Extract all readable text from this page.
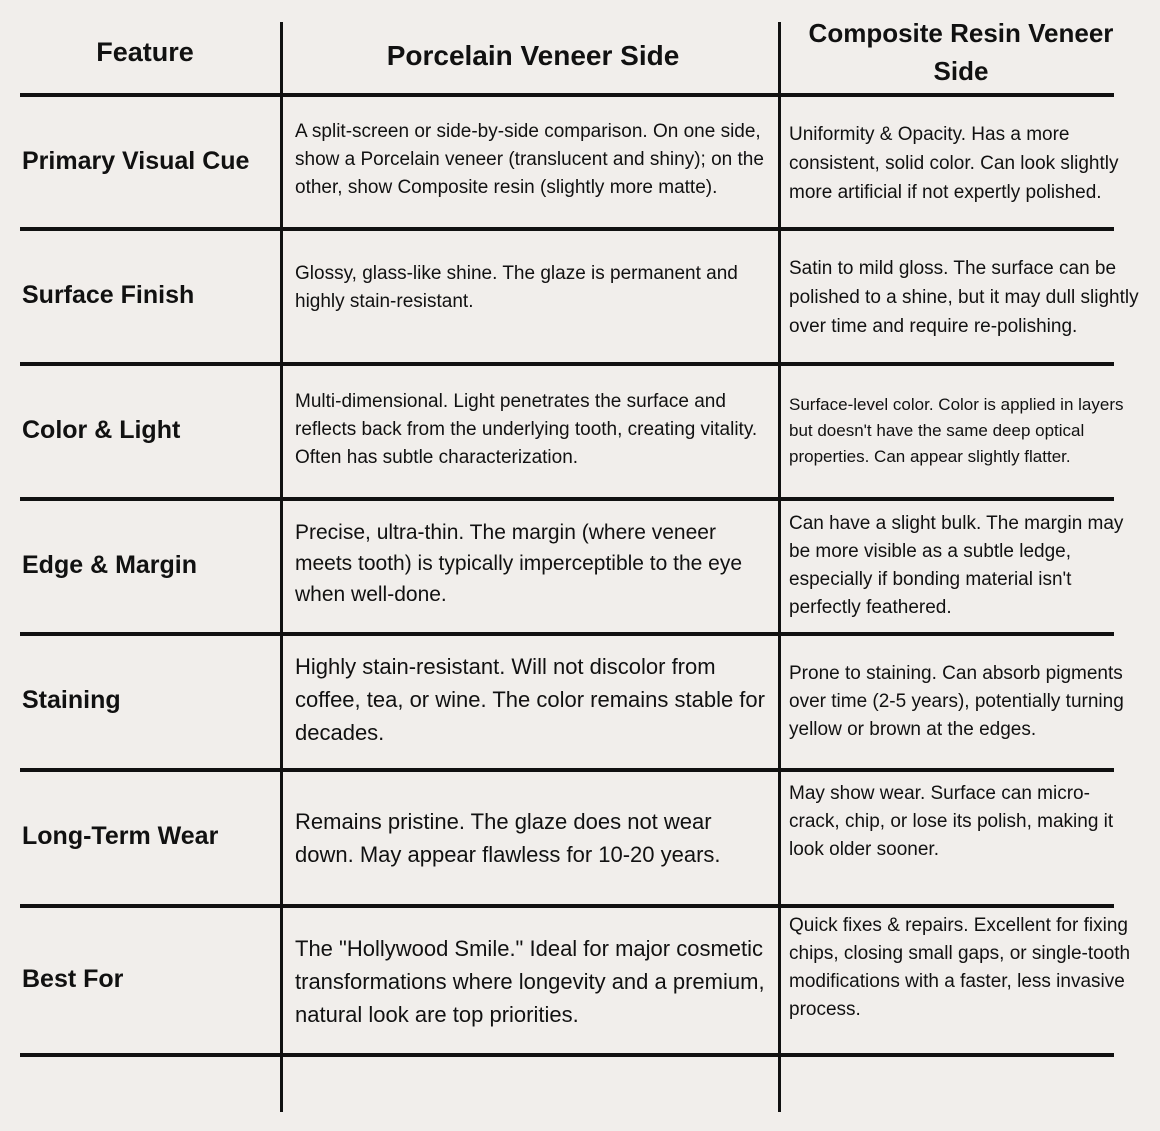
Feature	Porcelain Veneer Side
Composite Resin Veneer Side
Primary Visual Cue
A split-screen or side-by-side comparison. On one side, show a Porcelain veneer (translucent and shiny); on the other, show Composite resin (slightly more matte).
Uniformity & Opacity. Has a more consistent, solid color. Can look slightly more artificial if not expertly polished.
Surface Finish
Glossy, glass-like shine. The glaze is permanent and highly stain-resistant.
Satin to mild gloss. The surface can be polished to a shine, but it may dull slightly over time and require re-polishing.
Color & Light
Multi-dimensional. Light penetrates the surface and reflects back from the underlying tooth, creating vitality. Often has subtle characterization.
Surface-level color. Color is applied in layers but doesn't have the same deep optical properties. Can appear slightly flatter.
Edge & Margin
Precise, ultra-thin. The margin (where veneer meets tooth) is typically imperceptible to the eye when well-done.
Can have a slight bulk. The margin may be more visible as a subtle ledge, especially if bonding material isn't perfectly feathered.
Staining
Highly stain-resistant. Will not discolor from coffee, tea, or wine. The color remains stable for decades.
Prone to staining. Can absorb pigments over time (2-5 years), potentially turning yellow or brown at the edges.
Long-Term Wear
Remains pristine. The glaze does not wear down. May appear flawless for 10-20 years.
May show wear. Surface can micro-crack, chip, or lose its polish, making it look older sooner.
Best For
The "Hollywood Smile." Ideal for major cosmetic transformations where longevity and a premium, natural look are top priorities.
Quick fixes & repairs. Excellent for fixing chips, closing small gaps, or single-tooth modifications with a faster, less invasive process.
